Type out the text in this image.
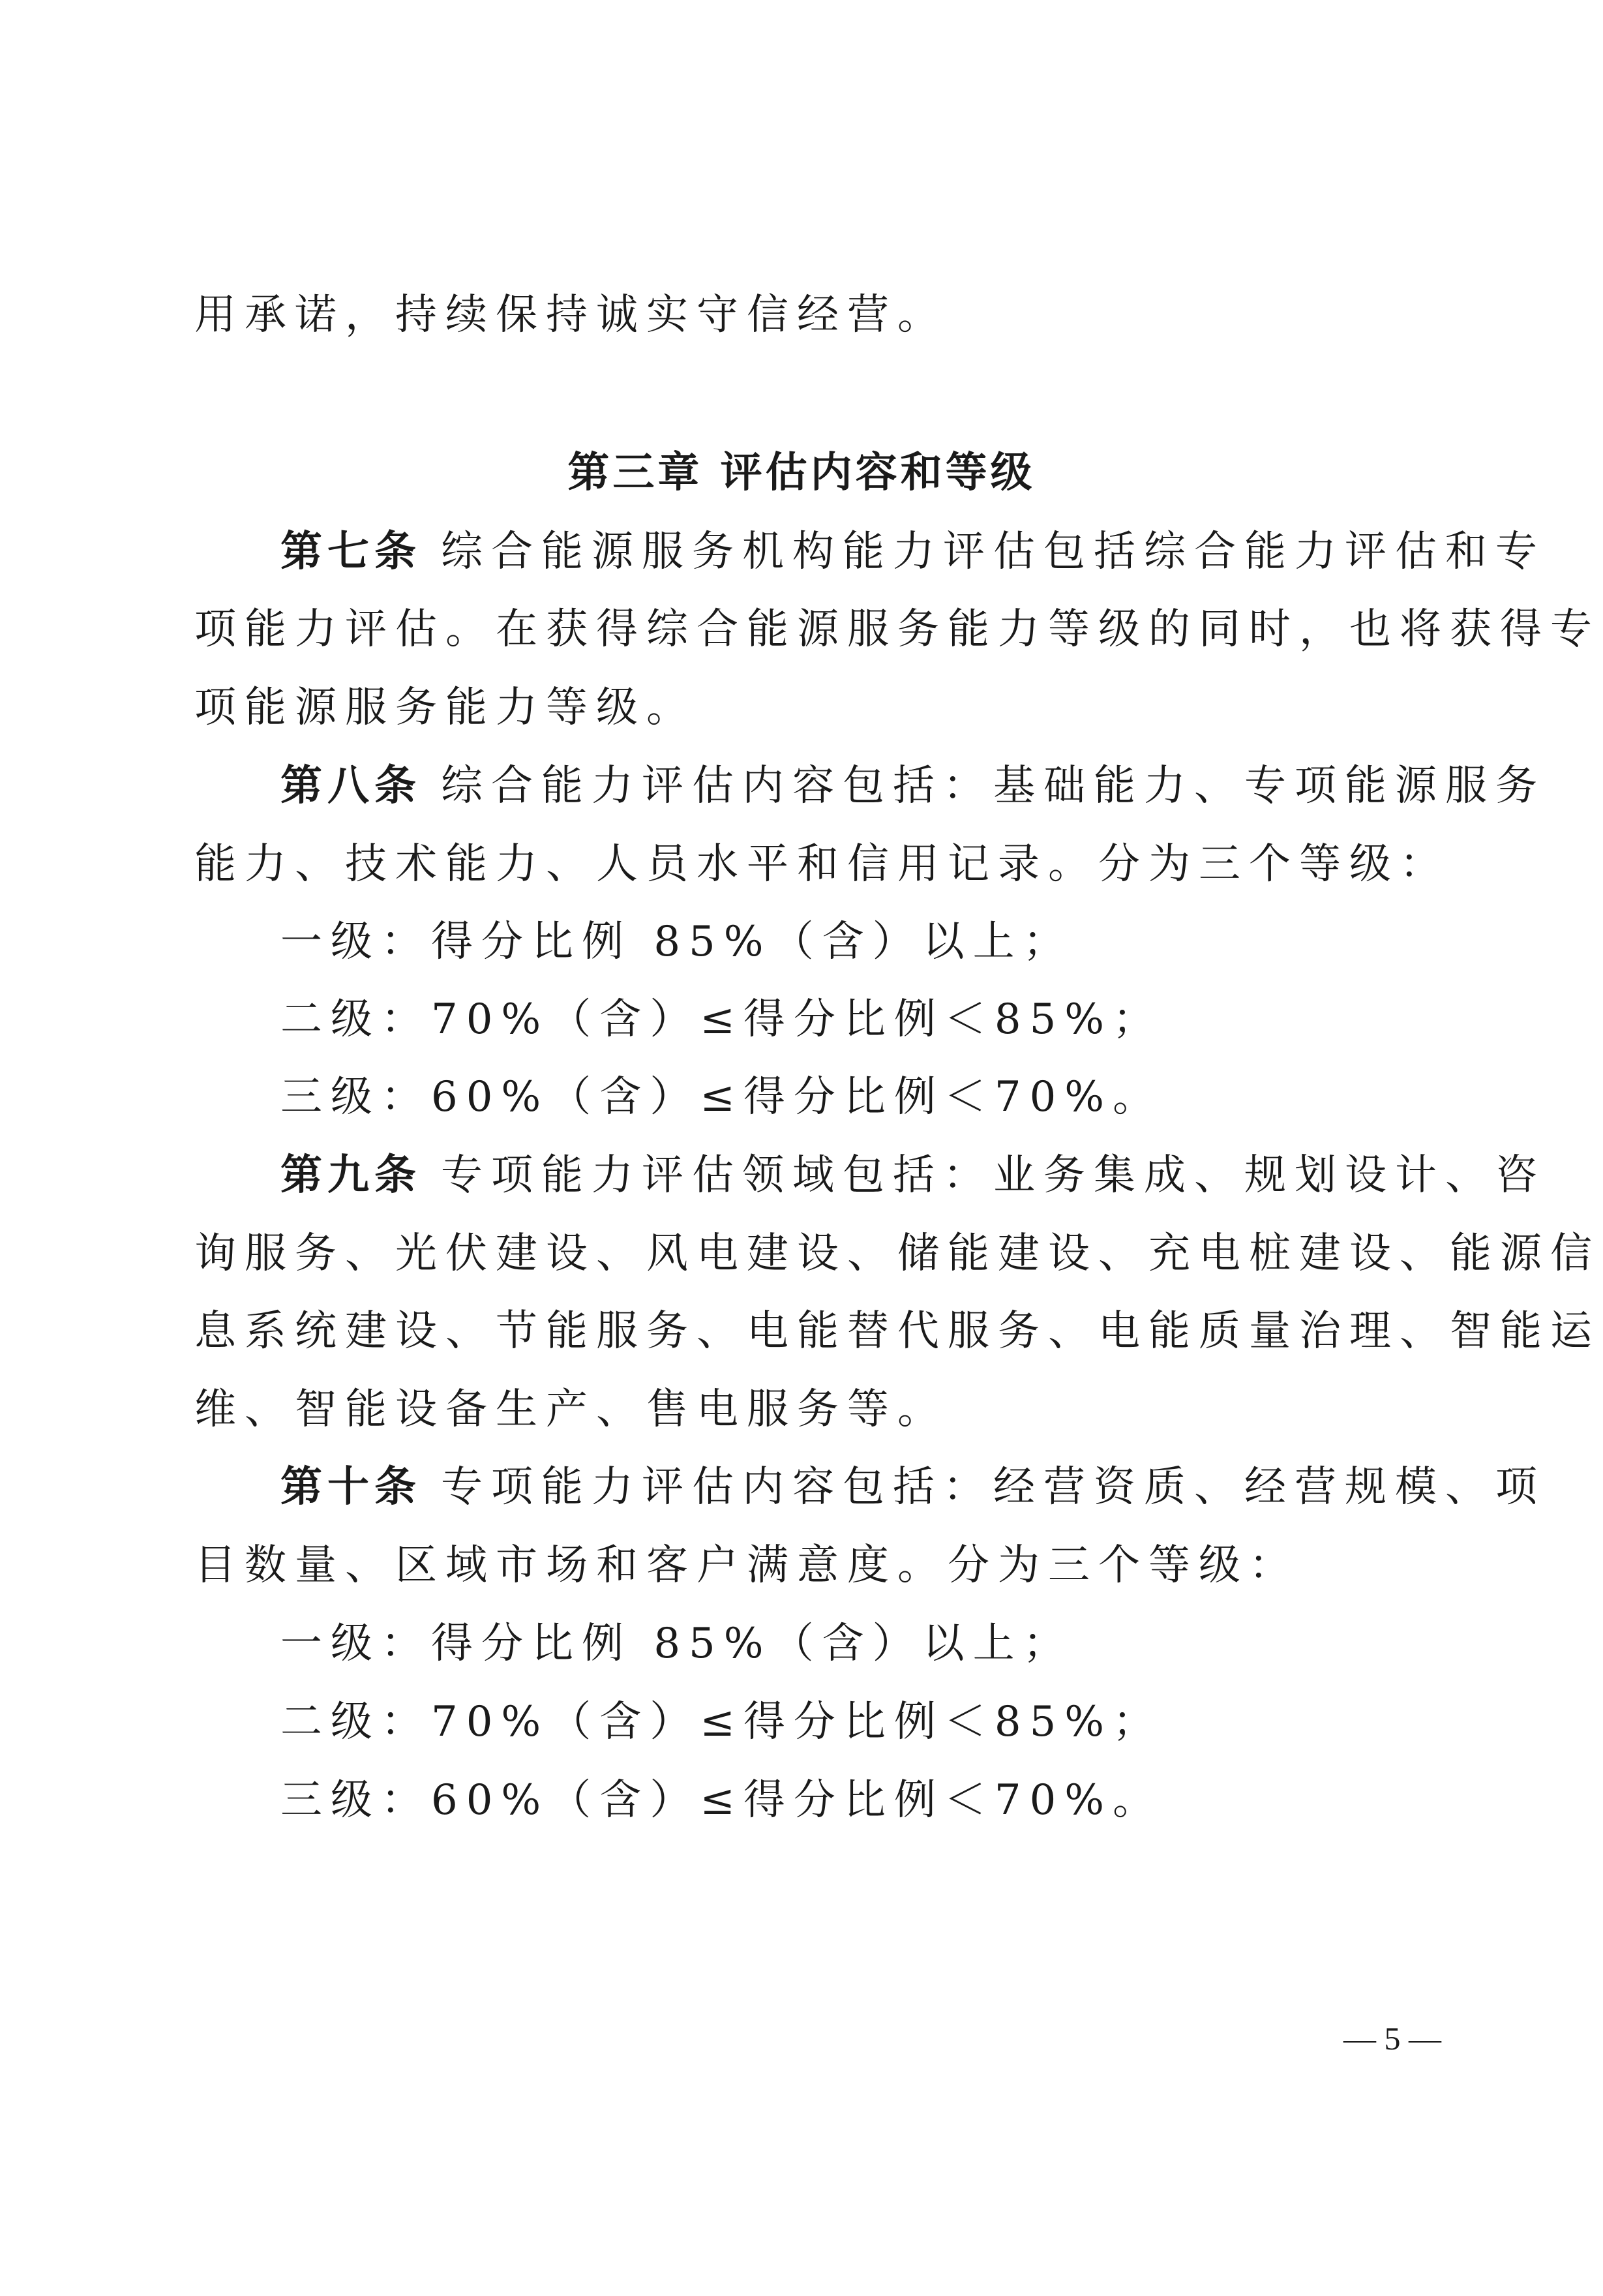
用承诺，持续保持诚实守信经营。
第三章 评估内容和等级
第七条 综合能源服务机构能力评估包括综合能力评估和专
项能力评估。在获得综合能源服务能力等级的同时，也将获得专
项能源服务能力等级。
第八条 综合能力评估内容包括：基础能力、专项能源服务
能力、技术能力、人员水平和信用记录。分为三个等级：
一级：得分比例 85%（含）以上；
二级：70%（含）≤得分比例＜85%；
三级：60%（含）≤得分比例＜70%。
第九条 专项能力评估领域包括：业务集成、规划设计、咨
询服务、光伏建设、风电建设、储能建设、充电桩建设、能源信
息系统建设、节能服务、电能替代服务、电能质量治理、智能运
维、智能设备生产、售电服务等。
第十条 专项能力评估内容包括：经营资质、经营规模、项
目数量、区域市场和客户满意度。分为三个等级：
一级：得分比例 85%（含）以上；
二级：70%（含）≤得分比例＜85%；
三级：60%（含）≤得分比例＜70%。
— 5 —
